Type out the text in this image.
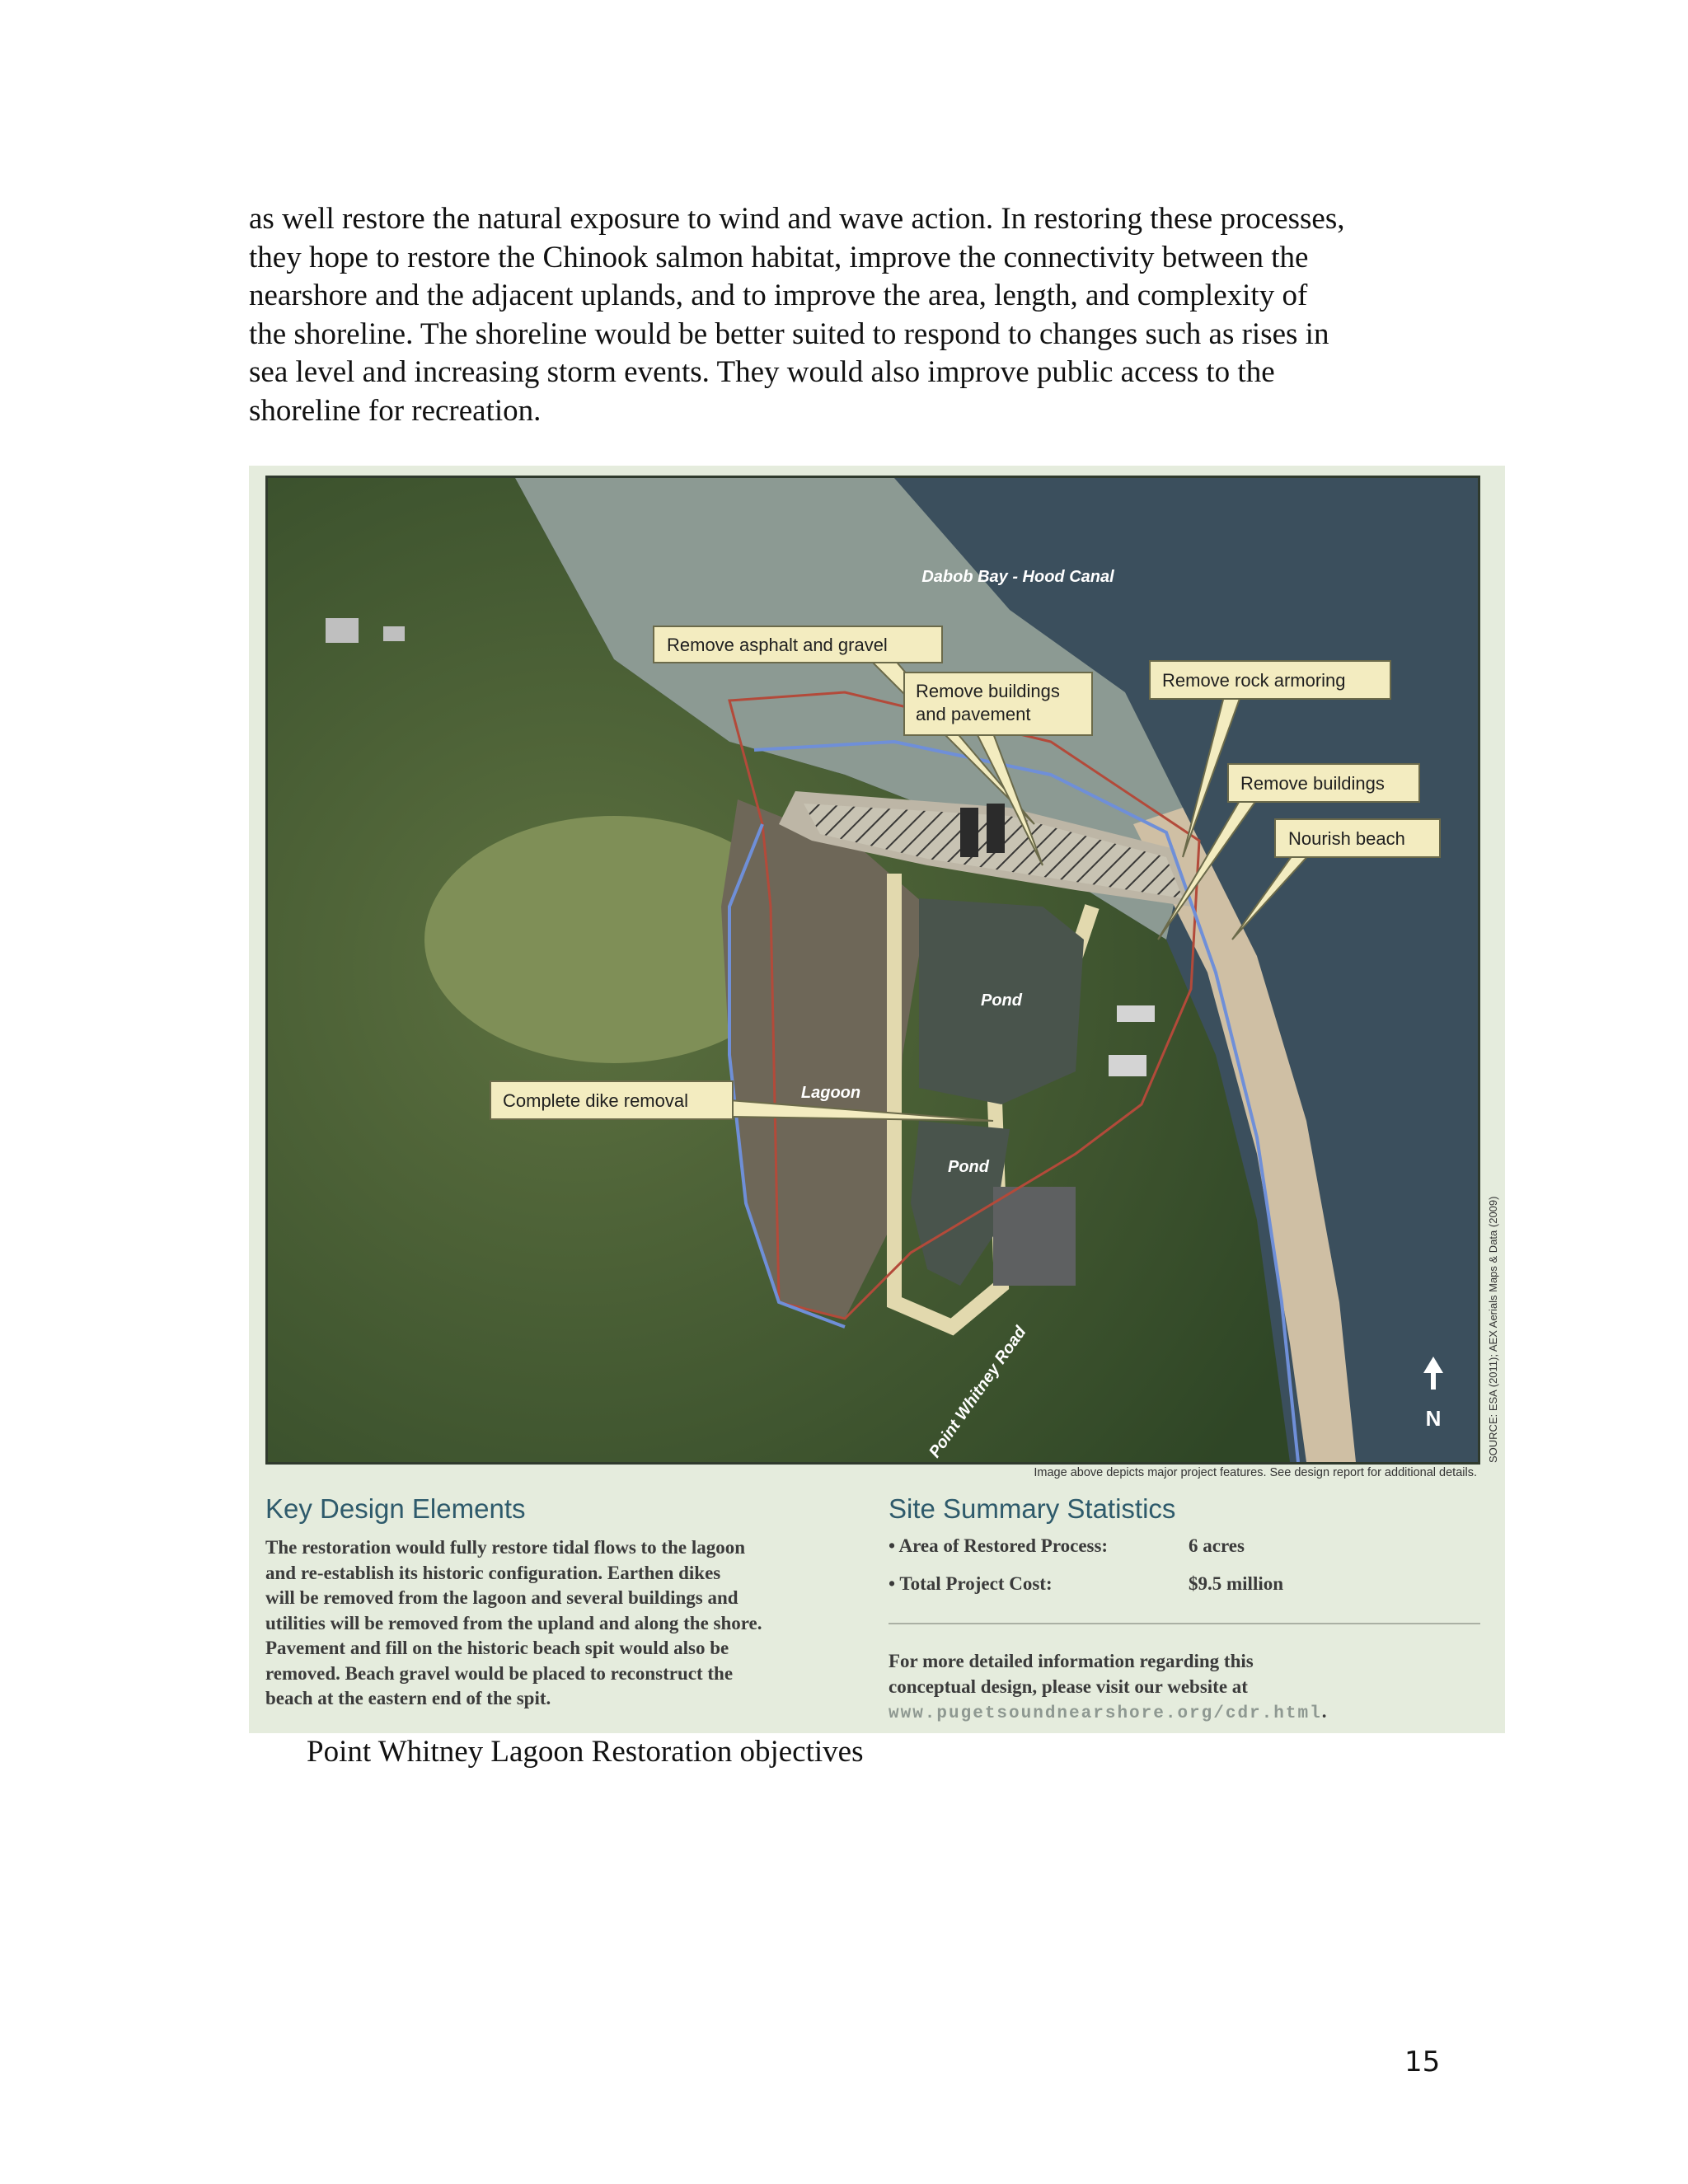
as well restore the natural exposure to wind and wave action. In restoring these processes,
they hope to restore the Chinook salmon habitat, improve the connectivity between the
nearshore and the adjacent uplands, and to improve the area, length, and complexity of
the shoreline. The shoreline would be better suited to respond to changes such as rises in
sea level and increasing storm events. They would also improve public access to the
shoreline for recreation.
Dabob Bay - Hood Canal
Lagoon
Pond
Pond
Point Whitney Road
Remove asphalt and gravel
Remove buildings
and pavement
Remove rock armoring
Remove buildings
Nourish beach
Complete dike removal
N	SOURCE: ESA (2011); AEX Aerials Maps & Data (2009)
Image above depicts major project features. See design report for additional details.
Key Design Elements
The restoration would fully restore tidal flows to the lagoon
and re-establish its historic configuration. Earthen dikes
will be removed from the lagoon and several buildings and
utilities will be removed from the upland and along the shore.
Pavement and fill on the historic beach spit would also be
removed. Beach gravel would be placed to reconstruct the
beach at the eastern end of the spit.
Site Summary Statistics
• Area of Restored Process:	6 acres
• Total Project Cost:	$9.5 million
For more detailed information regarding this
conceptual design, please visit our website at
www.pugetsoundnearshore.org/cdr.html.
Point Whitney Lagoon Restoration objectives
15
